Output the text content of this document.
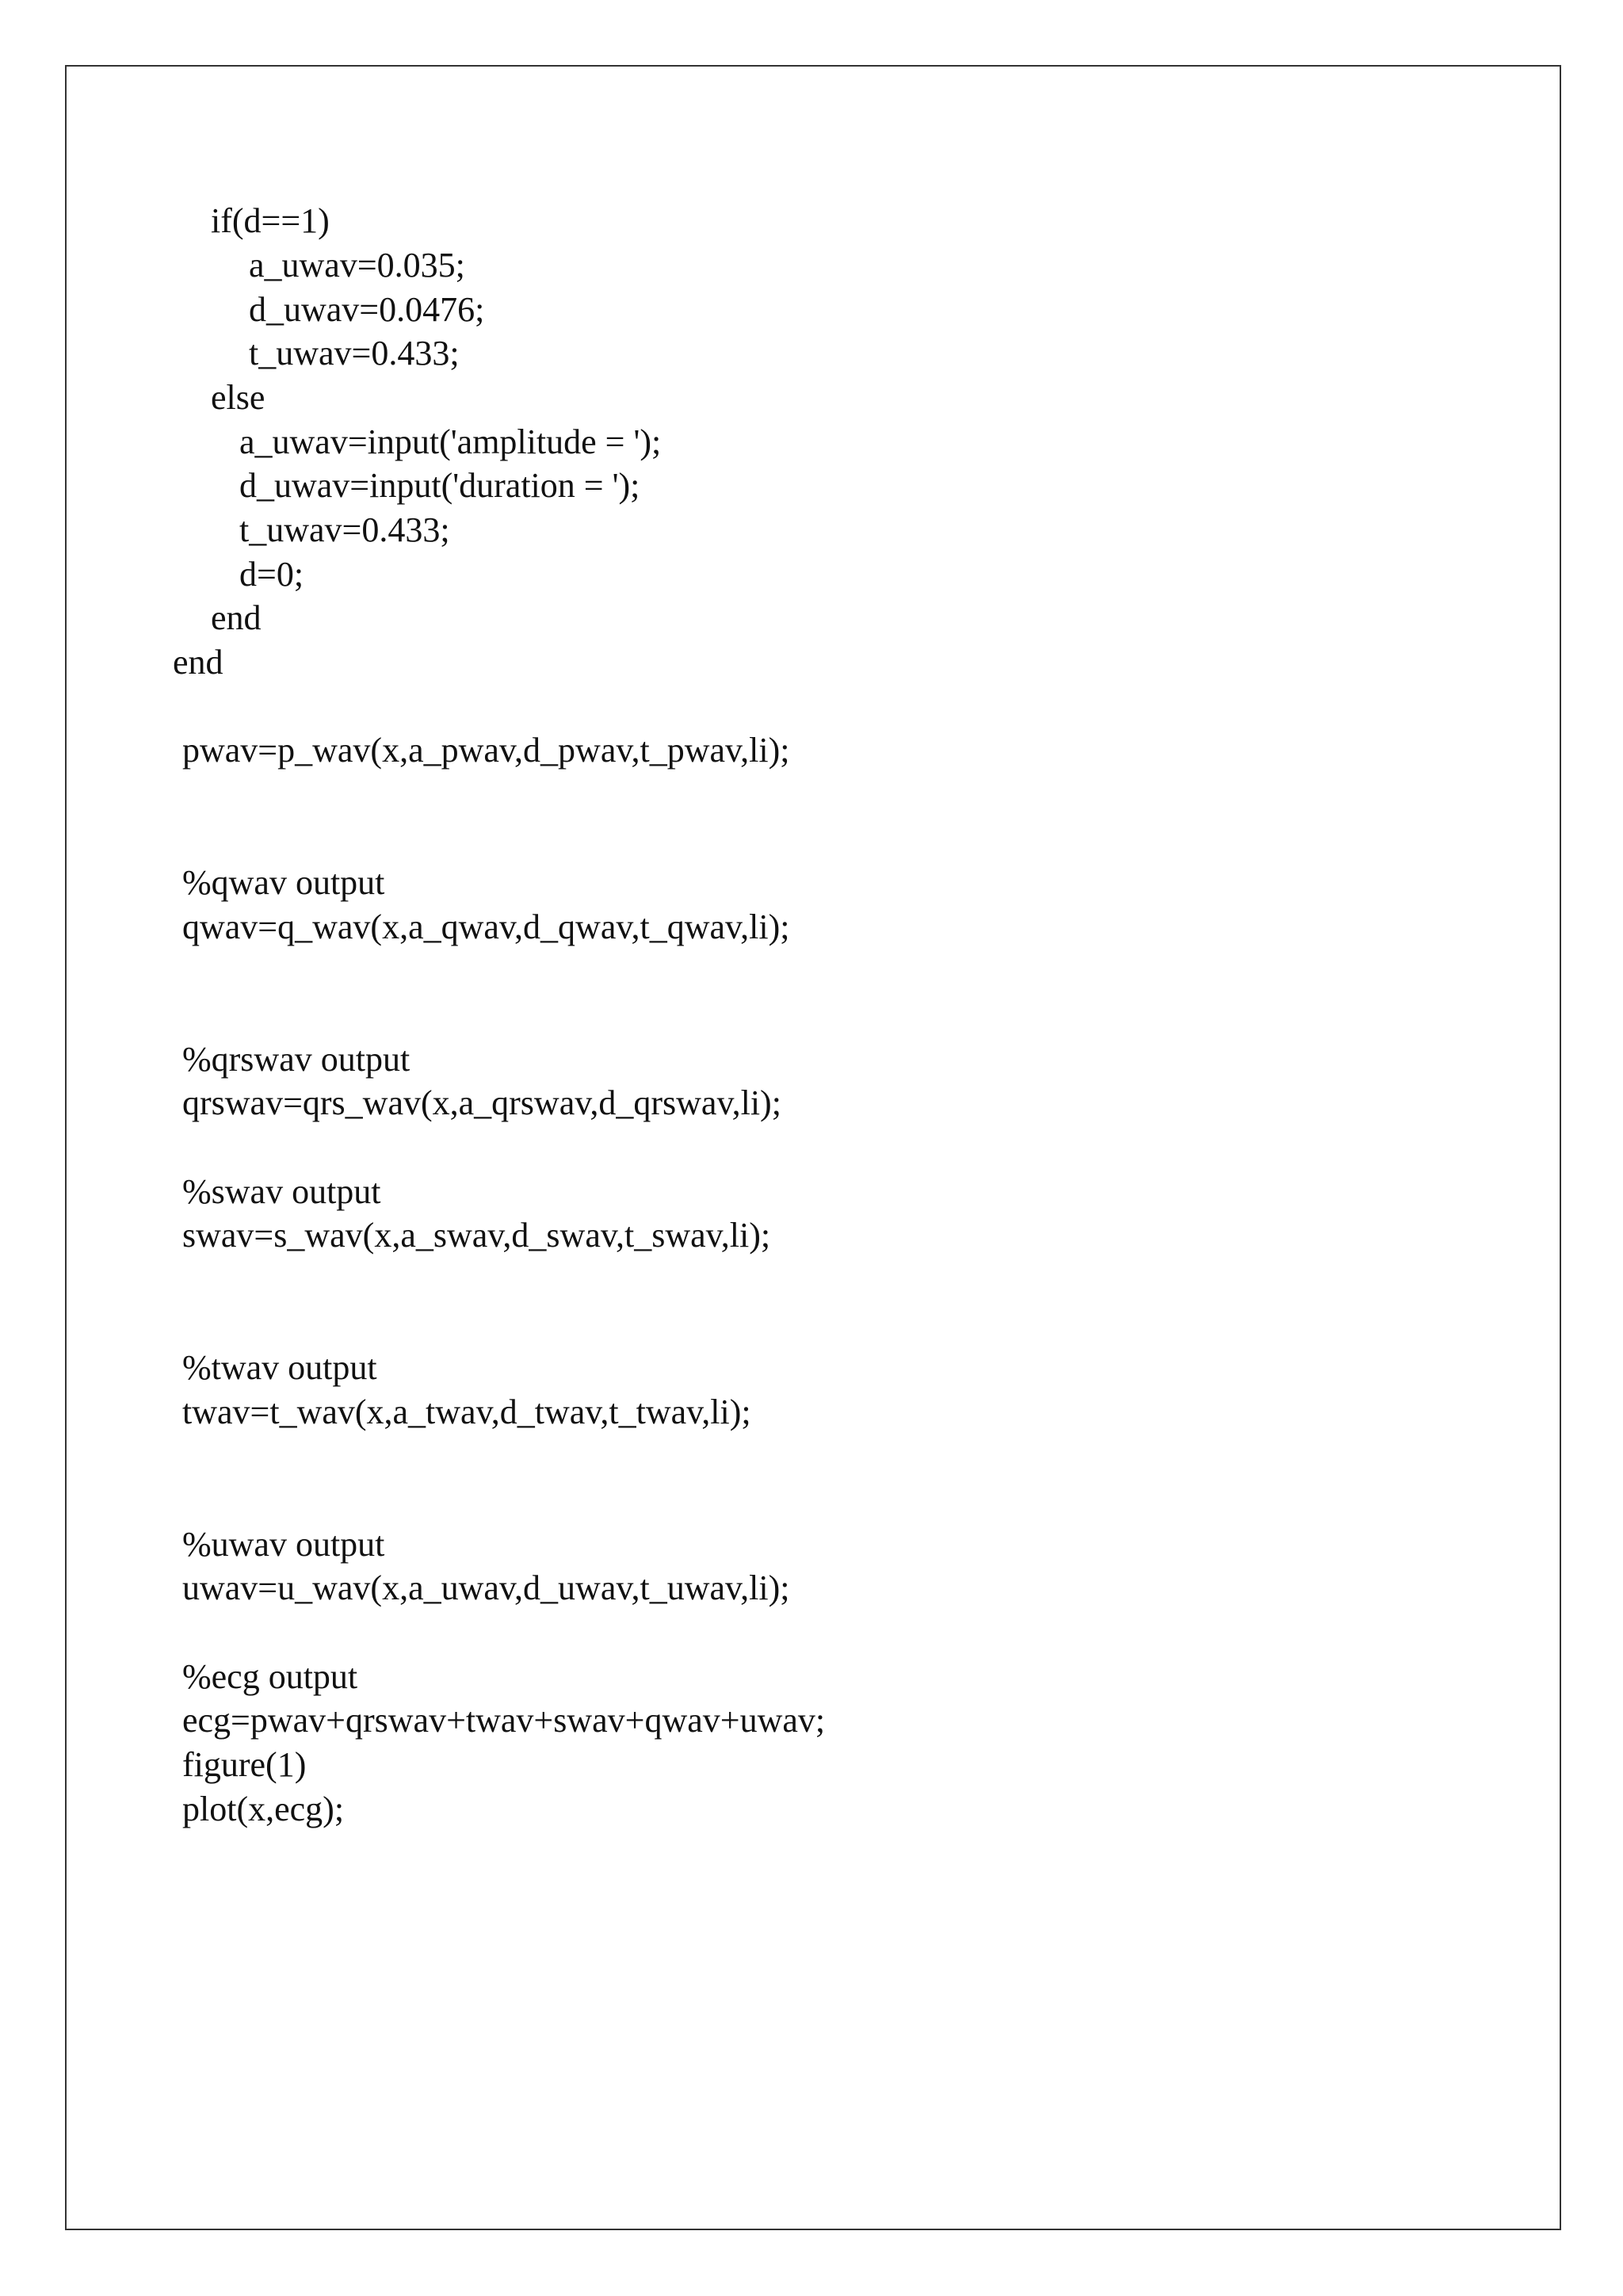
if(d==1)

a_uwav=0.035;

d_uwav=0.0476;

t_uwav=0.433;

else

a_uwav=input('amplitude = ');

d_uwav=input('duration = ');

t_uwav=0.433;

d=0;

end

end

pwav=p_wav(x,a_pwav,d_pwav,t_pwav,li);

%qwav output

qwav=q_wav(x,a_qwav,d_qwav,t_qwav,li);

%qrswav output

qrswav=qrs_wav(x,a_qrswav,d_qrswav,li);

%swav output

swav=s_wav(x,a_swav,d_swav,t_swav,li);

%twav output

twav=t_wav(x,a_twav,d_twav,t_twav,li);

%uwav output

uwav=u_wav(x,a_uwav,d_uwav,t_uwav,li);

%ecg output

ecg=pwav+qrswav+twav+swav+qwav+uwav;

figure(1)

plot(x,ecg);
